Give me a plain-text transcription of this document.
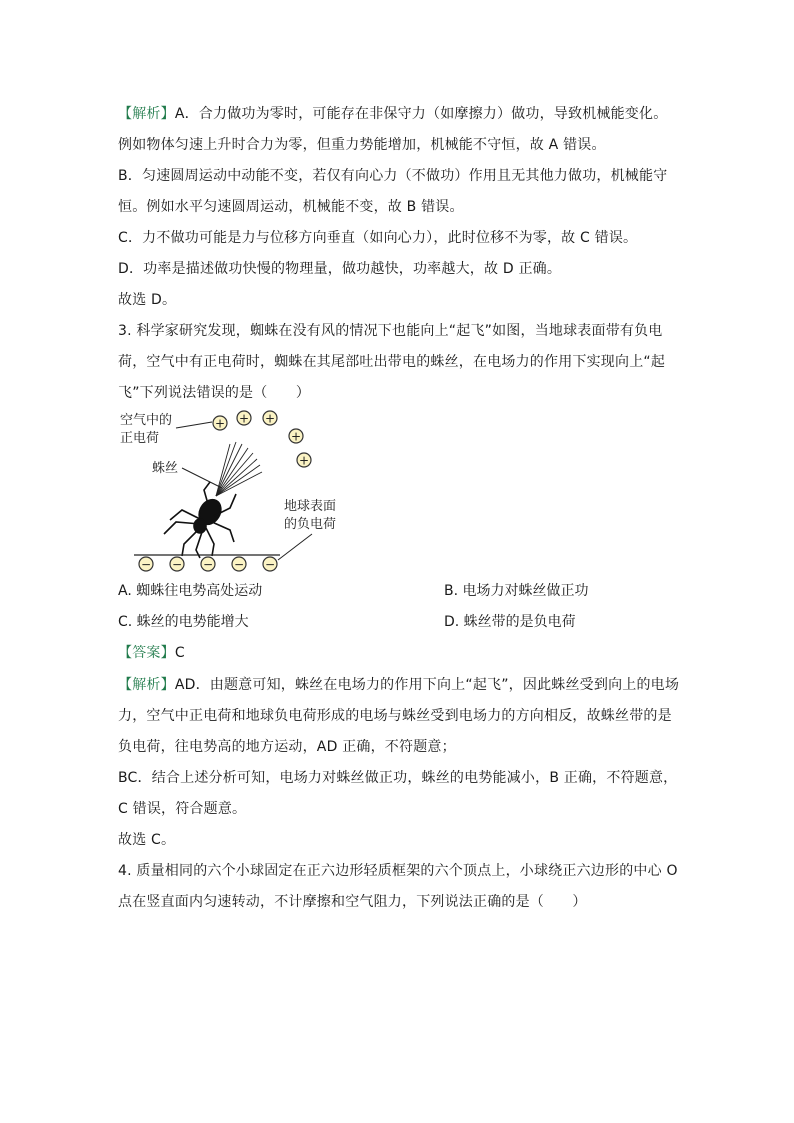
【解析】A．合力做功为零时，可能存在非保守力（如摩擦力）做功，导致机械能变化。
例如物体匀速上升时合力为零，但重力势能增加，机械能不守恒，故 A 错误。
B．匀速圆周运动中动能不变，若仅有向心力（不做功）作用且无其他力做功，机械能守
恒。例如水平匀速圆周运动，机械能不变，故 B 错误。
C．力不做功可能是力与位移方向垂直（如向心力），此时位移不为零，故 C 错误。
D．功率是描述做功快慢的物理量，做功越快，功率越大，故 D 正确。
故选 D。
3. 科学家研究发现，蜘蛛在没有风的情况下也能向上“起飞”如图，当地球表面带有负电
荷，空气中有正电荷时，蜘蛛在其尾部吐出带电的蛛丝，在电场力的作用下实现向上“起
飞”下列说法错误的是（　　）
空气中的
正电荷
+ + +
+
+
蛛丝
地球表面
的负电荷
− − − − −
A. 蜘蛛往电势高处运动	B. 电场力对蛛丝做正功
C. 蛛丝的电势能增大	D. 蛛丝带的是负电荷
【答案】C
【解析】AD．由题意可知，蛛丝在电场力的作用下向上“起飞”，因此蛛丝受到向上的电场
力，空气中正电荷和地球负电荷形成的电场与蛛丝受到电场力的方向相反，故蛛丝带的是
负电荷，往电势高的地方运动，AD 正确，不符题意；
BC．结合上述分析可知，电场力对蛛丝做正功，蛛丝的电势能减小，B 正确，不符题意，
C 错误，符合题意。
故选 C。
4. 质量相同的六个小球固定在正六边形轻质框架的六个顶点上，小球绕正六边形的中心 O
点在竖直面内匀速转动，不计摩擦和空气阻力，下列说法正确的是（　　）
